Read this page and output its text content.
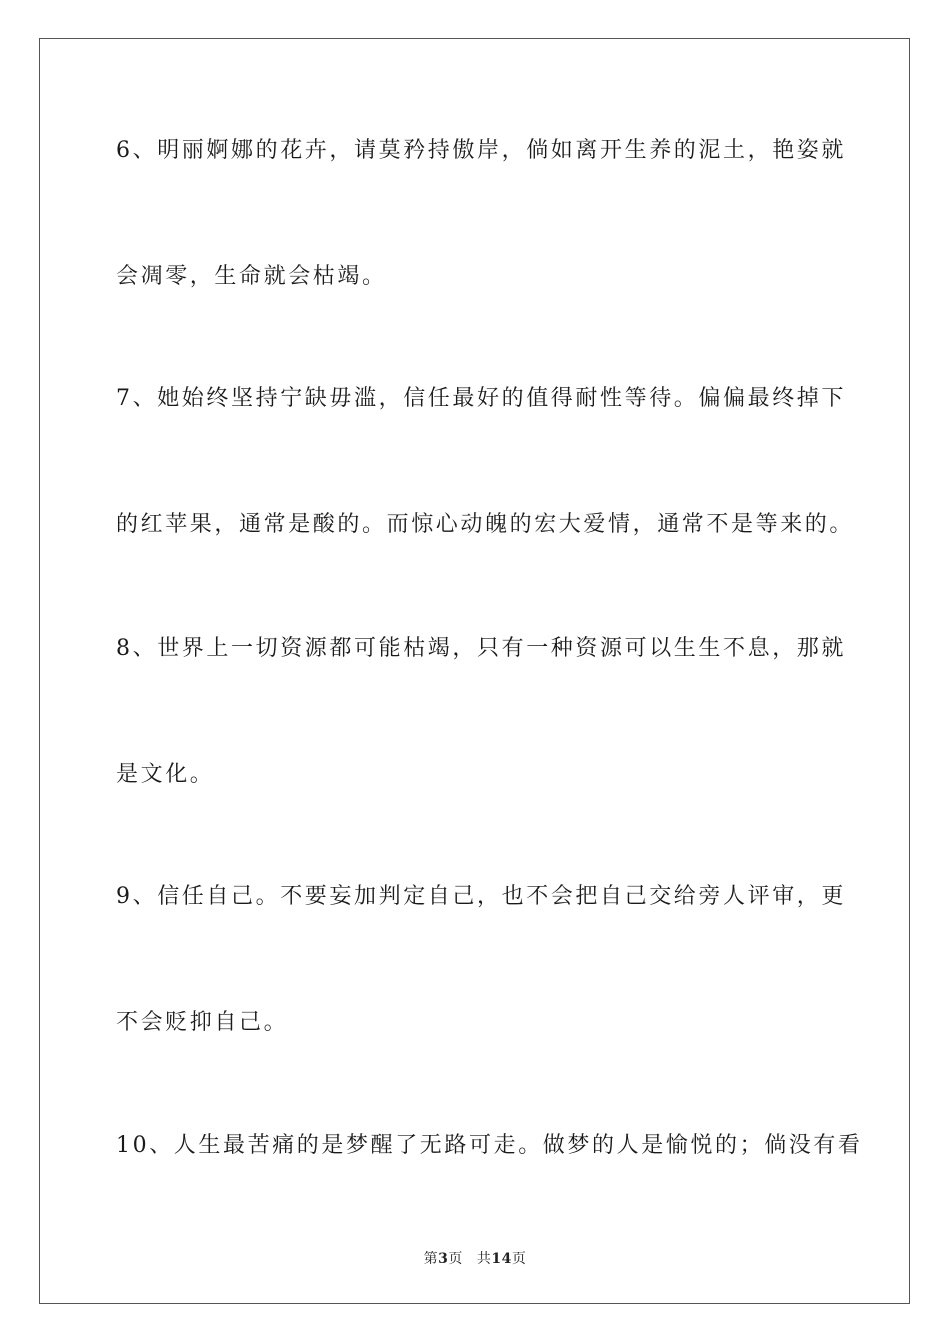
6、明丽婀娜的花卉，请莫矜持傲岸，倘如离开生养的泥土，艳姿就
会凋零，生命就会枯竭。
7、她始终坚持宁缺毋滥，信任最好的值得耐性等待。偏偏最终掉下
的红苹果，通常是酸的。而惊心动魄的宏大爱情，通常不是等来的。
8、世界上一切资源都可能枯竭，只有一种资源可以生生不息，那就
是文化。
9、信任自己。不要妄加判定自己，也不会把自己交给旁人评审，更
不会贬抑自己。
10、人生最苦痛的是梦醒了无路可走。做梦的人是愉悦的；倘没有看
第3页 共14页
